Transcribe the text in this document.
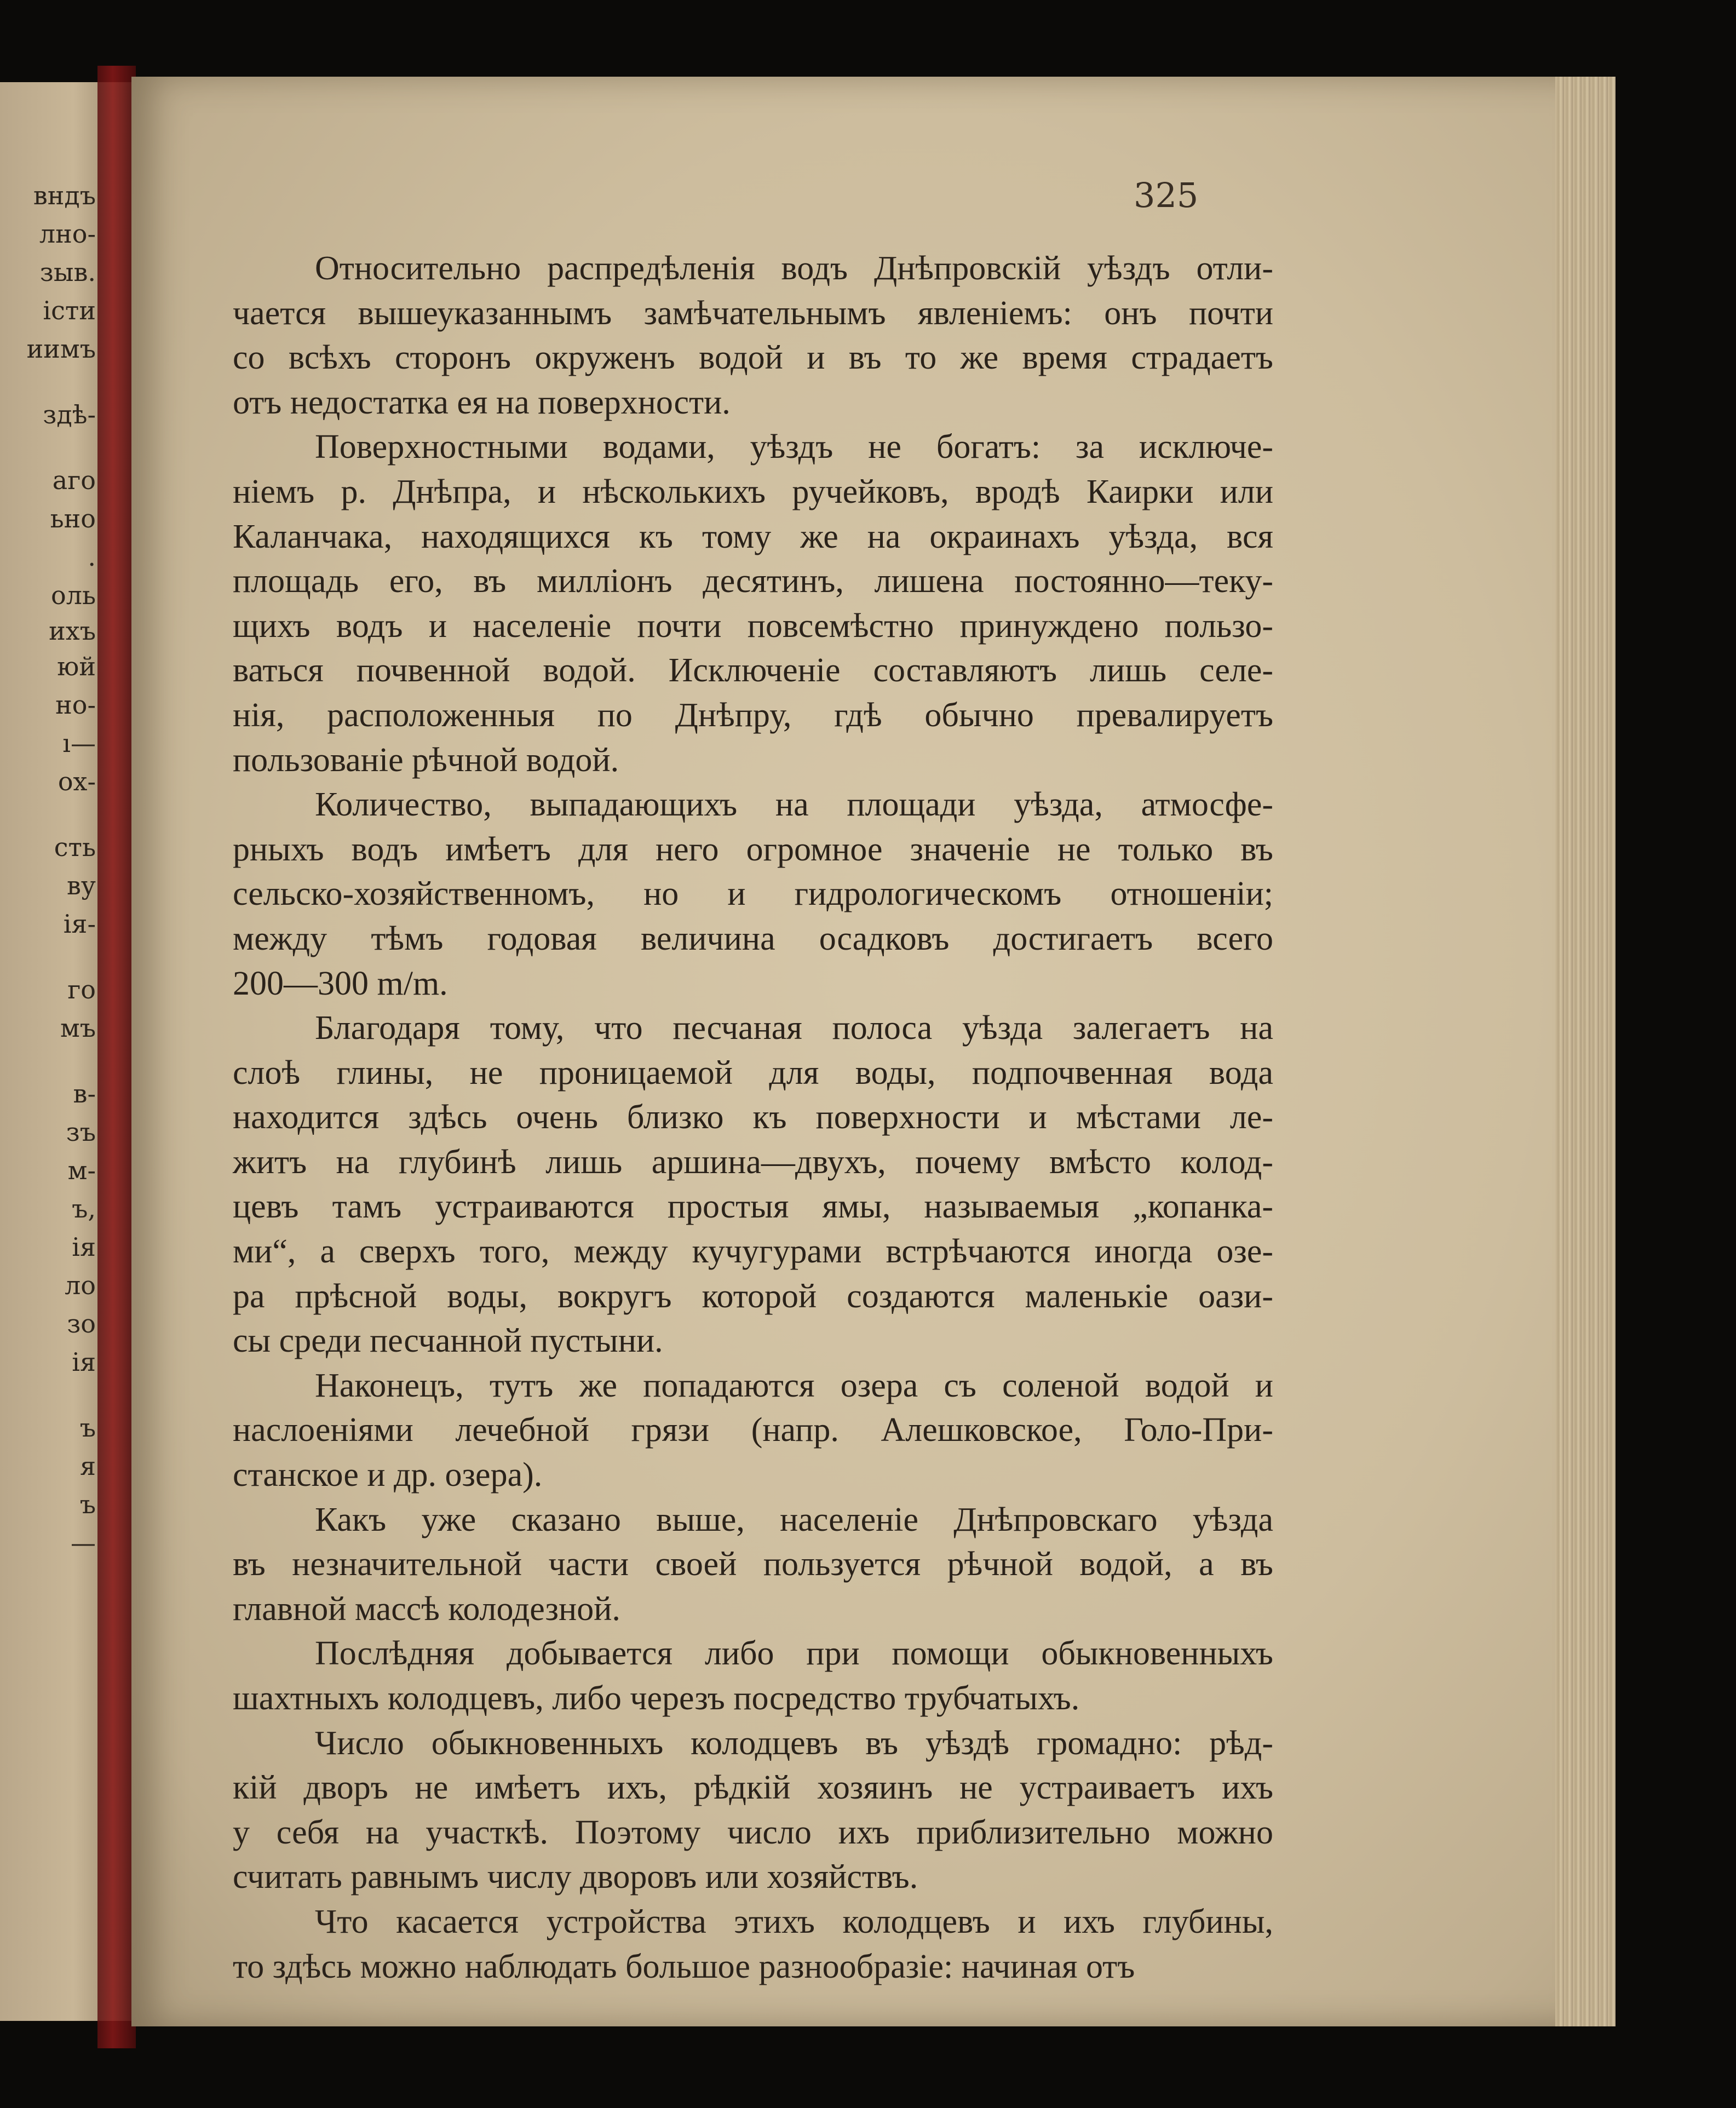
вндъ
лно-
зыв.
істи
иимъ
здѣ-
аго
ьно
.
оль
ихъ
юй
но-
ı—
ох-
сть
ву
ія-
го
мъ
в-
зъ
м-
ъ,
ія
ло
зо
ія
ъ
я
ъ
—
325
Относительно распредѣленія водъ Днѣпровскій уѣздъ отли-
чается вышеуказаннымъ замѣчательнымъ явленіемъ: онъ почти
со всѣхъ сторонъ окруженъ водой и въ то же время страдаетъ
отъ недостатка ея на поверхности.
Поверхностными водами, уѣздъ не богатъ: за исключе-
ніемъ р. Днѣпра, и нѣсколькихъ ручейковъ, вродѣ Каирки или
Каланчака, находящихся къ тому же на окраинахъ уѣзда, вся
площадь его, въ милліонъ десятинъ, лишена постоянно—теку-
щихъ водъ и населеніе почти повсемѣстно принуждено пользо-
ваться почвенной водой. Исключеніе составляютъ лишь селе-
нія, расположенныя по Днѣпру, гдѣ обычно превалируетъ
пользованіе рѣчной водой.
Количество, выпадающихъ на площади уѣзда, атмосфе-
рныхъ водъ имѣетъ для него огромное значеніе не только въ
сельско-хозяйственномъ, но и гидрологическомъ отношеніи;
между тѣмъ годовая величина осадковъ достигаетъ всего
200—300 m/m.
Благодаря тому, что песчаная полоса уѣзда залегаетъ на
слоѣ глины, не проницаемой для воды, подпочвенная вода
находится здѣсь очень близко къ поверхности и мѣстами ле-
житъ на глубинѣ лишь аршина—двухъ, почему вмѣсто колод-
цевъ тамъ устраиваются простыя ямы, называемыя „копанка-
ми“, а сверхъ того, между кучугурами встрѣчаются иногда озе-
ра прѣсной воды, вокругъ которой создаются маленькіе оази-
сы среди песчанной пустыни.
Наконецъ, тутъ же попадаются озера съ соленой водой и
наслоеніями лечебной грязи (напр. Алешковское, Голо-При-
станское и др. озера).
Какъ уже сказано выше, населеніе Днѣпровскаго уѣзда
въ незначительной части своей пользуется рѣчной водой, а въ
главной массѣ колодезной.
Послѣдняя добывается либо при помощи обыкновенныхъ
шахтныхъ колодцевъ, либо черезъ посредство трубчатыхъ.
Число обыкновенныхъ колодцевъ въ уѣздѣ громадно: рѣд-
кій дворъ не имѣетъ ихъ, рѣдкій хозяинъ не устраиваетъ ихъ
у себя на участкѣ. Поэтому число ихъ приблизительно можно
считать равнымъ числу дворовъ или хозяйствъ.
Что касается устройства этихъ колодцевъ и ихъ глубины,
то здѣсь можно наблюдать большое разнообразіе: начиная отъ
